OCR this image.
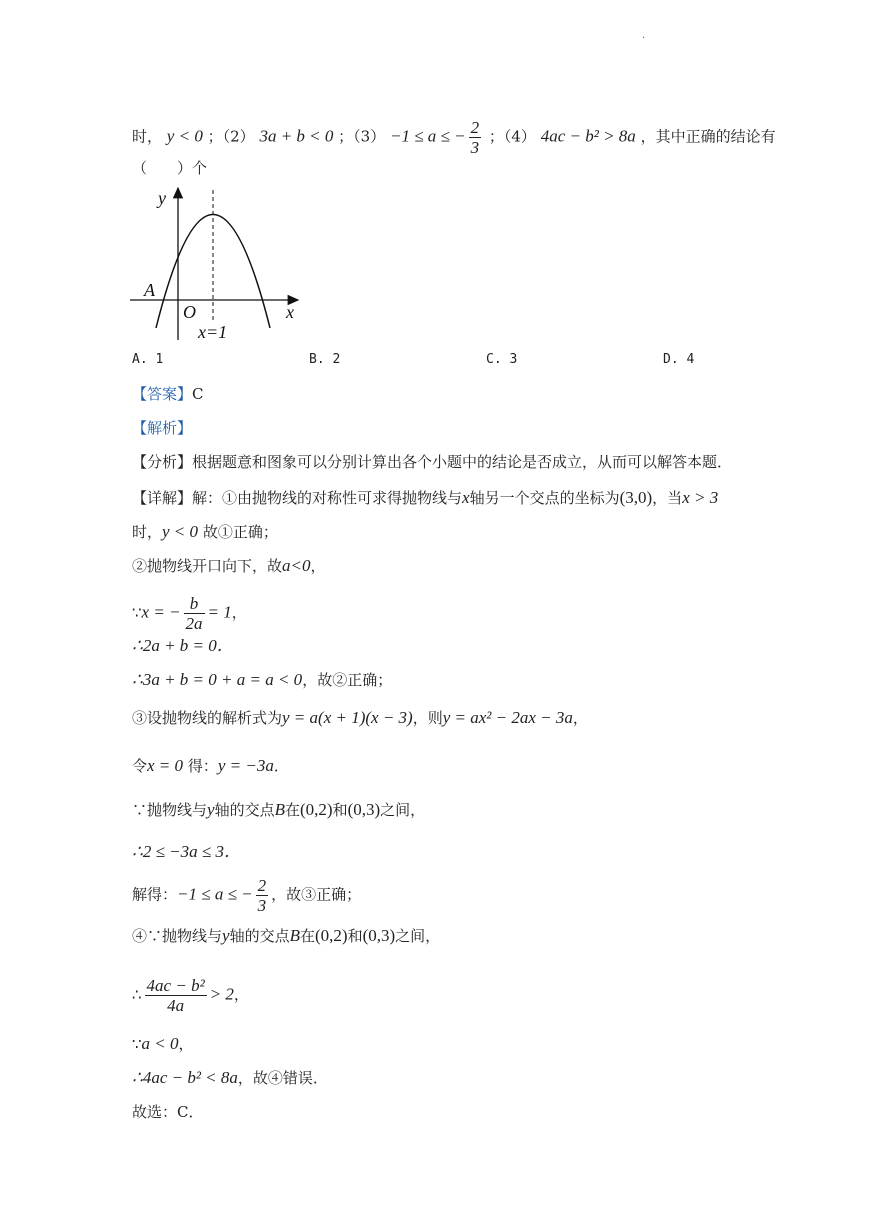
.
时， y < 0 ；（2） 3a + b < 0 ；（3） −1 ≤ a ≤ − $\frac{2}{3}$ ；（4） 4ac − b² > 8a ，其中正确的结论有
（　　）个
y
x
O
A
x=1
A. 1	B. 2	C. 3	D. 4
【答案】C
【解析】
【分析】根据题意和图象可以分别计算出各个小题中的结论是否成立，从而可以解答本题．
【详解】解：①由抛物线的对称性可求得抛物线与x轴另一个交点的坐标为(3,0)，当x > 3
时，y < 0 故①正确；
②抛物线开口向下，故a<0，
∵x = − $\frac{b}{2a} = 1$，
∴2a + b = 0．
∴3a + b = 0 + a = a < 0，故②正确；
③设抛物线的解析式为y = a(x + 1)(x − 3)，则y = ax² − 2ax − 3a，
令x = 0 得：y = −3a．
∵抛物线与y轴的交点B在(0,2)和(0,3)之间，
∴2 ≤ −3a ≤ 3．
解得：−1 ≤ a ≤ − $\frac{2}{3}$ ，故③正确；
④∵抛物线与y轴的交点B在(0,2)和(0,3)之间，
∴ $\frac{\text{4ac − b²}}{4a} > 2$，
∵a < 0，
∴4ac − b² < 8a，故④错误．
故选：C．
